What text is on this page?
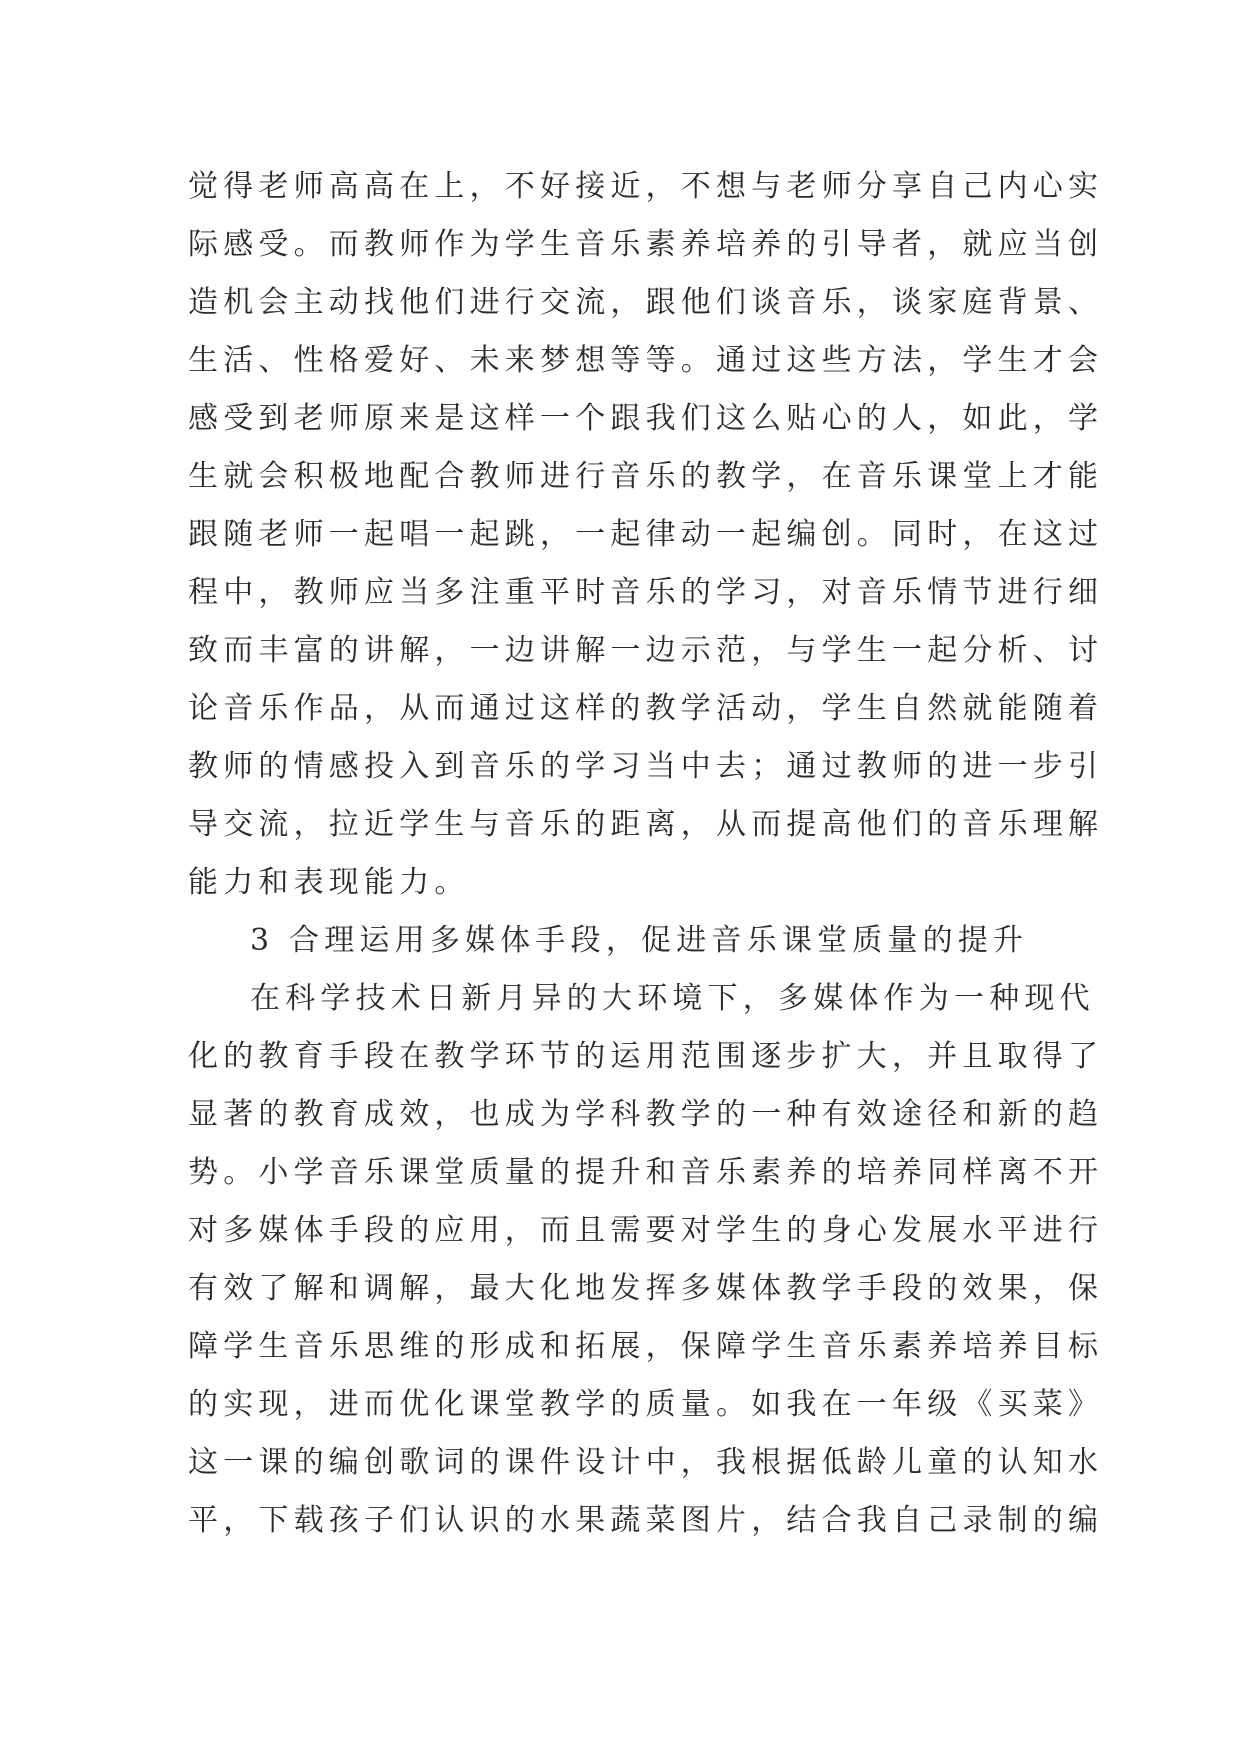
觉得老师高高在上，不好接近，不想与老师分享自己内心实
际感受。而教师作为学生音乐素养培养的引导者，就应当创
造机会主动找他们进行交流，跟他们谈音乐，谈家庭背景、
生活、性格爱好、未来梦想等等。通过这些方法，学生才会
感受到老师原来是这样一个跟我们这么贴心的人，如此，学
生就会积极地配合教师进行音乐的教学，在音乐课堂上才能
跟随老师一起唱一起跳，一起律动一起编创。同时，在这过
程中，教师应当多注重平时音乐的学习，对音乐情节进行细
致而丰富的讲解，一边讲解一边示范，与学生一起分析、讨
论音乐作品，从而通过这样的教学活动，学生自然就能随着
教师的情感投入到音乐的学习当中去；通过教师的进一步引
导交流，拉近学生与音乐的距离，从而提高他们的音乐理解
能力和表现能力。
3 合理运用多媒体手段，促进音乐课堂质量的提升
在科学技术日新月异的大环境下，多媒体作为一种现代
化的教育手段在教学环节的运用范围逐步扩大，并且取得了
显著的教育成效，也成为学科教学的一种有效途径和新的趋
势。小学音乐课堂质量的提升和音乐素养的培养同样离不开
对多媒体手段的应用，而且需要对学生的身心发展水平进行
有效了解和调解，最大化地发挥多媒体教学手段的效果，保
障学生音乐思维的形成和拓展，保障学生音乐素养培养目标
的实现，进而优化课堂教学的质量。如我在一年级《买菜》
这一课的编创歌词的课件设计中，我根据低龄儿童的认知水
平，下载孩子们认识的水果蔬菜图片，结合我自己录制的编
